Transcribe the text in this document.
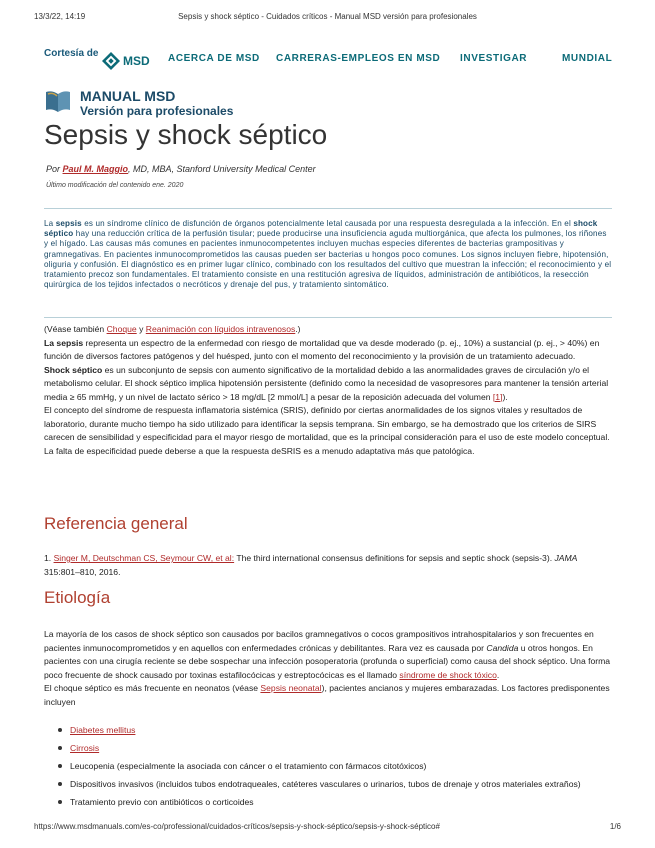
13/3/22, 14:19	Sepsis y shock séptico - Cuidados críticos - Manual MSD versión para profesionales
Cortesía de
MSD ACERCA DE MSD CARRERAS-EMPLEOS EN MSD INVESTIGAR	MUNDIAL
MANUAL MSD
Versión para profesionales
Sepsis y shock séptico
Por Paul M. Maggio, MD, MBA, Stanford University Medical Center
Último modificación del contenido ene. 2020

La sepsis es un síndrome clínico de disfunción de órganos potencialmente letal causada por una respuesta desregulada a la infección. En el shock séptico hay una reducción crítica de la perfusión tisular; puede producirse una insuficiencia aguda multiorgánica, que afecta los pulmones, los riñones y el hígado. Las causas más comunes en pacientes inmunocompetentes incluyen muchas especies diferentes de bacterias grampositivas y gramnegativas. En pacientes inmunocomprometidos las causas pueden ser bacterias u hongos poco comunes. Los signos incluyen fiebre, hipotensión, oliguria y confusión. El diagnóstico es en primer lugar clínico, combinado con los resultados del cultivo que muestran la infección; el reconocimiento y el tratamiento precoz son fundamentales. El tratamiento consiste en una restitución agresiva de líquidos, administración de antibióticos, la resección quirúrgica de los tejidos infectados o necróticos y drenaje del pus, y tratamiento sintomático.

(Véase también Choque y Reanimación con líquidos intravenosos.)

La sepsis representa un espectro de la enfermedad con riesgo de mortalidad que va desde moderado (p. ej., 10%) a sustancial (p. ej., > 40%) en función de diversos factores patógenos y del huésped, junto con el momento del reconocimiento y la provisión de un tratamiento adecuado.

Shock séptico es un subconjunto de sepsis con aumento significativo de la mortalidad debido a las anormalidades graves de circulación y/o el metabolismo celular. El shock séptico implica hipotensión persistente (definido como la necesidad de vasopresores para mantener la tensión arterial media ≥ 65 mmHg, y un nivel de lactato sérico > 18 mg/dL [2 mmol/L] a pesar de la reposición adecuada del volumen [1]).

El concepto del síndrome de respuesta inflamatoria sistémica (SRIS), definido por ciertas anormalidades de los signos vitales y resultados de laboratorio, durante mucho tiempo ha sido utilizado para identificar la sepsis temprana. Sin embargo, se ha demostrado que los criterios de SIRS carecen de sensibilidad y especificidad para el mayor riesgo de mortalidad, que es la principal consideración para el uso de este modelo conceptual. La falta de especificidad puede deberse a que la respuesta deSRIS es a menudo adaptativa más que patológica.

Referencia general

1. Singer M, Deutschman CS, Seymour CW, et al: The third international consensus definitions for sepsis and septic shock (sepsis-3). JAMA 315:801–810, 2016.

Etiología

La mayoría de los casos de shock séptico son causados por bacilos gramnegativos o cocos grampositivos intrahospitalarios y son frecuentes en pacientes inmunocomprometidos y en aquellos con enfermedades crónicas y debilitantes. Rara vez es causada por Candida u otros hongos. En pacientes con una cirugía reciente se debe sospechar una infección posoperatoria (profunda o superficial) como causa del shock séptico. Una forma poco frecuente de shock causado por toxinas estafilocócicas y estreptocócicas es el llamado síndrome de shock tóxico.

El choque séptico es más frecuente en neonatos (véase Sepsis neonatal), pacientes ancianos y mujeres embarazadas. Los factores predisponentes incluyen

Diabetes mellitus
Cirrosis
Leucopenia (especialmente la asociada con cáncer o el tratamiento con fármacos citotóxicos)
Dispositivos invasivos (incluidos tubos endotraqueales, catéteres vasculares o urinarios, tubos de drenaje y otros materiales extraños)
Tratamiento previo con antibióticos o corticoides
https://www.msdmanuals.com/es-co/professional/cuidados-críticos/sepsis-y-shock-séptico/sepsis-y-shock-séptico#	1/6
